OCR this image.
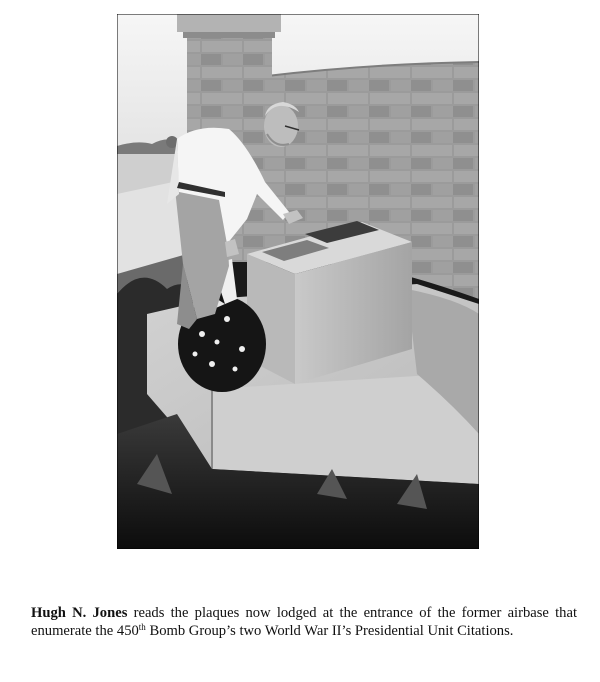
Hugh N. Jones reads the plaques now lodged at the entrance of the former airbase that enumerate the 450th Bomb Group’s two World War II’s Presidential Unit Citations.
